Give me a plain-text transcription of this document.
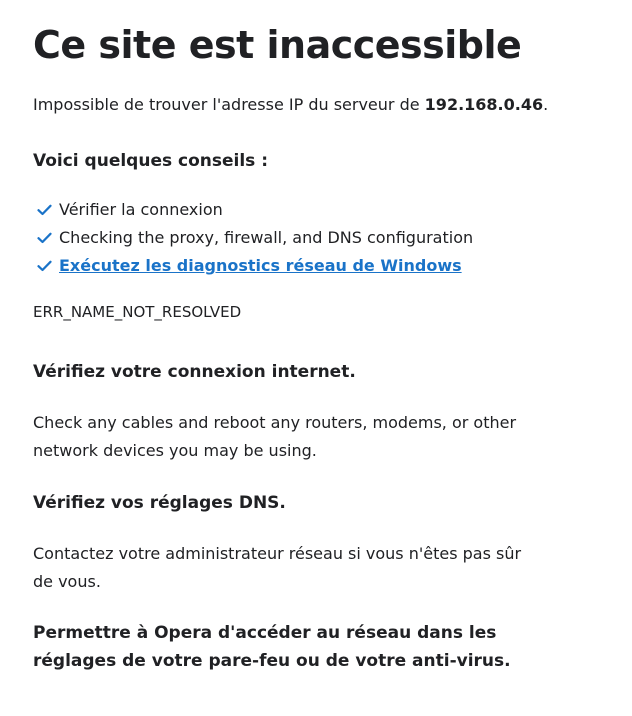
Ce site est inaccessible
Impossible de trouver l'adresse IP du serveur de 192.168.0.46.
Voici quelques conseils :
Vérifier la connexion
Checking the proxy, firewall, and DNS configuration
Exécutez les diagnostics réseau de Windows
ERR_NAME_NOT_RESOLVED
Vérifiez votre connexion internet.
Check any cables and reboot any routers, modems, or other network devices you may be using.
Vérifiez vos réglages DNS.
Contactez votre administrateur réseau si vous n'êtes pas sûr de vous.
Permettre à Opera d'accéder au réseau dans les réglages de votre pare-feu ou de votre anti-virus.
